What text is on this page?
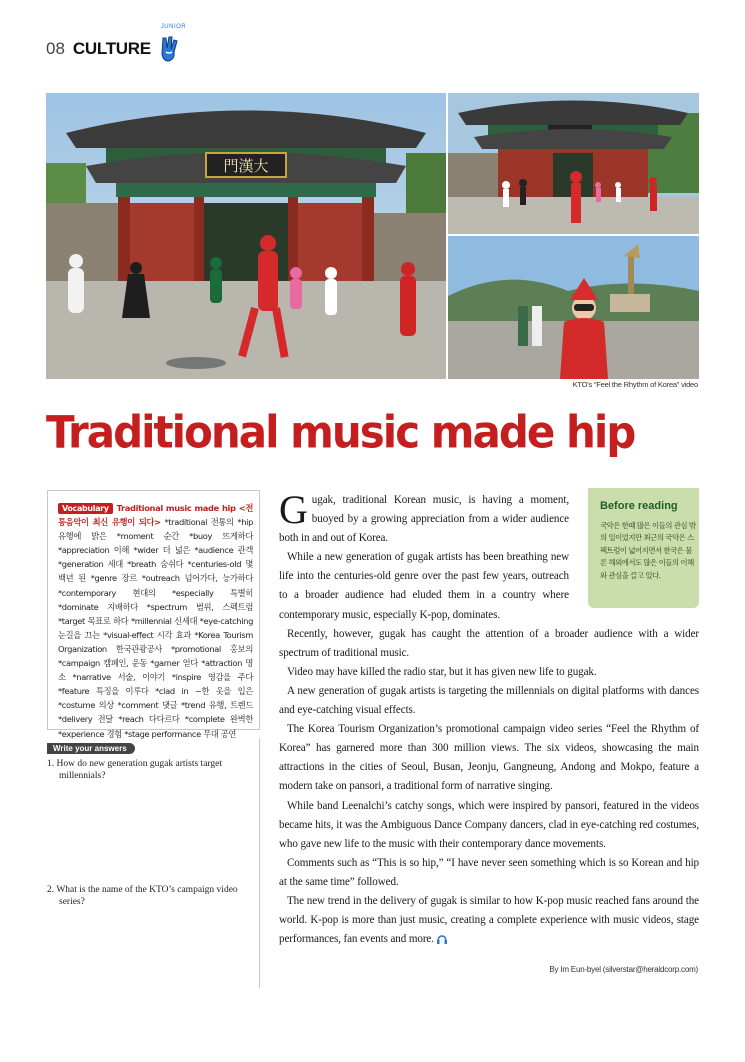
08 CULTURE
JUNIOR
門漢大
KTO's “Feel the Rhythm of Korea” video
Traditional music made hip
Vocabulary Traditional music made hip <전통음악이 최신 유행이 되다> *traditional 전통의 *hip 유행에 밝은 *moment 순간 *buoy 뜨게하다 *appreciation 이해 *wider 더 넓은 *audience 관객 *generation 세대 *breath 숨쉬다 *centuries-old 몇 백년 된 *genre 장르 *outreach 넘어가다, 능가하다 *contemporary 현대의 *especially 특별히 *dominate 지배하다 *spectrum 범위, 스펙트럼 *target 목표로 하다 *millennial 신세대 *eye-catching 눈길을 끄는 *visual-effect 시각 효과 *Korea Tourism Organization 한국관광공사 *promotional 홍보의 *campaign 캠페인, 운동 *garner 얻다 *attraction 명소 *narrative 서술, 이야기 *inspire 영감을 주다 *feature 특징을 이루다 *clad in ~한 옷을 입은 *costume 의상 *comment 댓글 *trend 유행, 트렌드 *delivery 전달 *reach 다다르다 *complete 완벽한 *experience 경험 *stage performance 무대 공연
Write your answers
1. How do new generation gugak artists target millennials?
2. What is the name of the KTO’s campaign video series?
Before reading
국악은 한때 많은 이들의 관심 밖의 일이었지만 최근의 국악은 스펙트럼이 넓어지면서 한국은 물론 해외에서도 많은 이들의 이해와 관심을 끌고 있다.

Gugak, traditional Korean music, is having a moment, buoyed by a growing appreciation from a wider audience both in and out of Korea.

While a new generation of gugak artists has been breathing new life into the centuries-old genre over the past few years, outreach to a broader audience had eluded them in a country where contemporary music, especially K-pop, dominates.

Recently, however, gugak has caught the attention of a broader audience with a wider spectrum of traditional music.

Video may have killed the radio star, but it has given new life to gugak.

A new generation of gugak artists is targeting the millennials on digital platforms with dances and eye-catching visual effects.

The Korea Tourism Organization’s promotional campaign video series “Feel the Rhythm of Korea” has garnered more than 300 million views. The six videos, showcasing the main attractions in the cities of Seoul, Busan, Jeonju, Gangneung, Andong and Mokpo, feature a modern take on pansori, a traditional form of narrative singing.

While band Leenalchi’s catchy songs, which were inspired by pansori, featured in the videos became hits, it was the Ambiguous Dance Company dancers, clad in eye-catching red costumes, who gave new life to the music with their contemporary dance movements.

Comments such as “This is so hip,” “I have never seen something which is so Korean and hip at the same time” followed.

The new trend in the delivery of gugak is similar to how K-pop music reached fans around the world. K-pop is more than just music, creating a complete experience with music videos, stage performances, fan events and more.

By Im Eun-byel (silverstar@heraldcorp.com)
